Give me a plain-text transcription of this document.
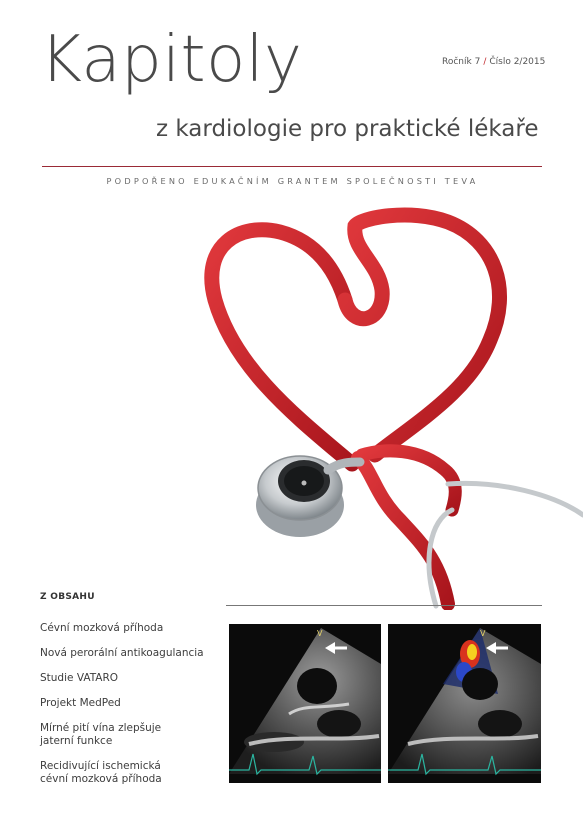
Kapitoly
z kardiologie pro praktické lékaře
Ročník 7 / Číslo 2/2015
PODPOŘENO EDUKAČNÍM GRANTEM SPOLEČNOSTI TEVA
Z OBSAHU
Cévní mozková příhoda
Nová perorální antikoagulancia
Studie VATARO
Projekt MedPed
Mírné pití vína zlepšuje
jaterní funkce
Recidivující ischemická
cévní mozková příhoda
V	V
